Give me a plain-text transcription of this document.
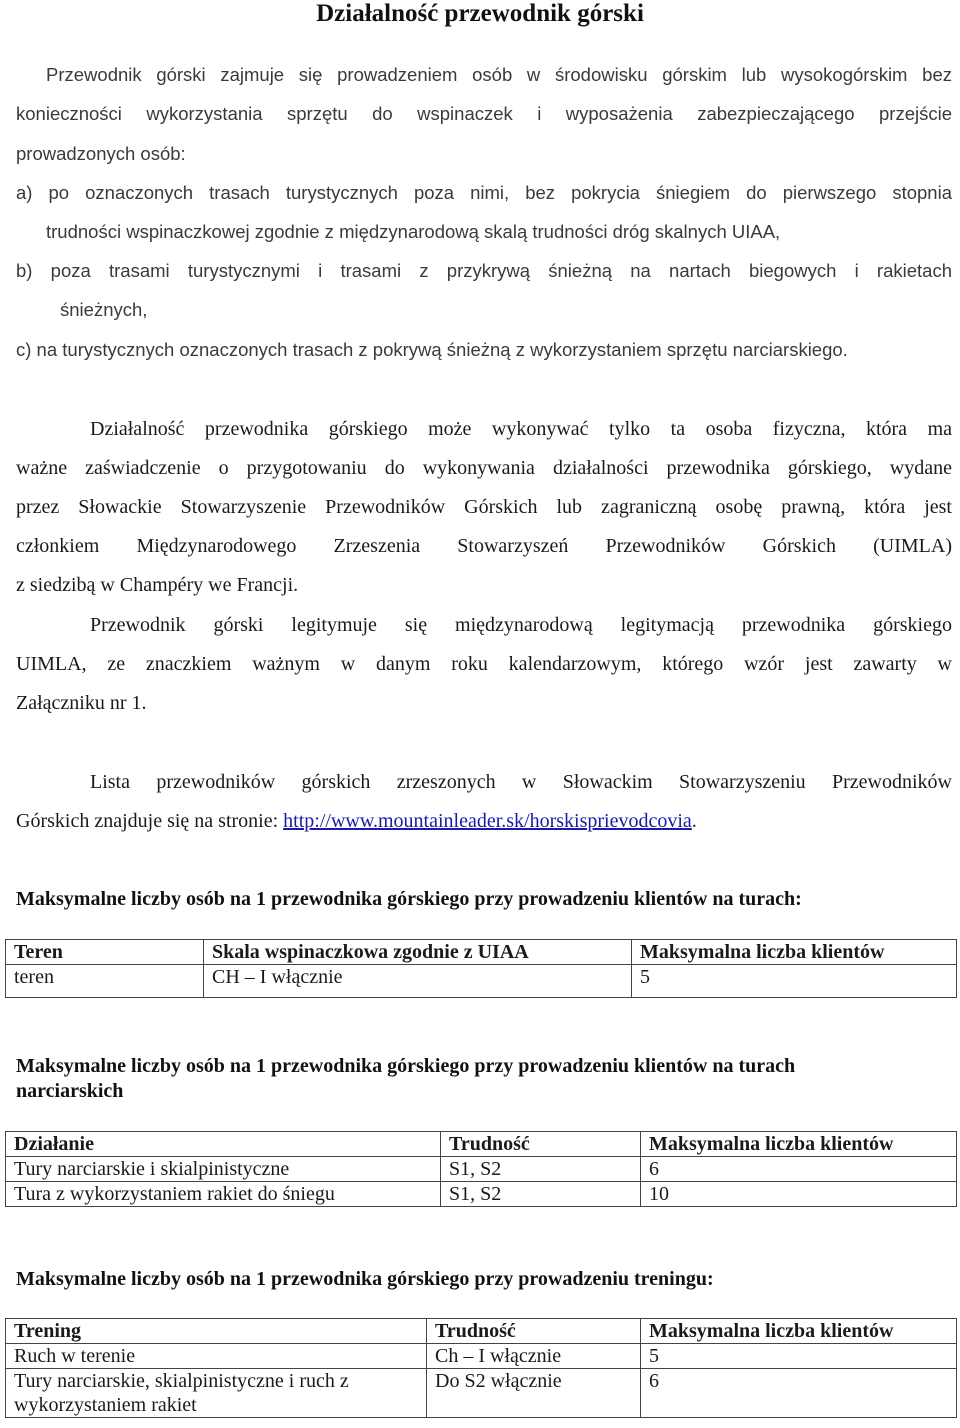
Działalność przewodnik górski
Przewodnik górski zajmuje się prowadzeniem osób w środowisku górskim lub wysokogórskim bez
konieczności wykorzystania sprzętu do wspinaczek i wyposażenia zabezpieczającego przejście
prowadzonych osób:
a) po oznaczonych trasach turystycznych poza nimi, bez pokrycia śniegiem do pierwszego stopnia
trudności wspinaczkowej zgodnie z międzynarodową skalą trudności dróg skalnych UIAA,
b) poza trasami turystycznymi i trasami z przykrywą śnieżną na nartach biegowych i rakietach
śnieżnych,
c) na turystycznych oznaczonych trasach z pokrywą śnieżną z wykorzystaniem sprzętu narciarskiego.
Działalność przewodnika górskiego może wykonywać tylko ta osoba fizyczna, która ma
ważne zaświadczenie o przygotowaniu do wykonywania działalności przewodnika górskiego, wydane
przez Słowackie Stowarzyszenie Przewodników Górskich lub zagraniczną osobę prawną, która jest
członkiem Międzynarodowego Zrzeszenia Stowarzyszeń Przewodników Górskich (UIMLA)
z siedzibą w Champéry we Francji.
Przewodnik górski legitymuje się międzynarodową legitymacją przewodnika górskiego
UIMLA, ze znaczkiem ważnym w danym roku kalendarzowym, którego wzór jest zawarty w
Załączniku nr 1.
Lista przewodników górskich zrzeszonych w Słowackim Stowarzyszeniu Przewodników
Górskich znajduje się na stronie: http://www.mountainleader.sk/horskisprievodcovia.
Maksymalne liczby osób na 1 przewodnika górskiego przy prowadzeniu klientów na turach:
Teren	Skala wspinaczkowa zgodnie z UIAA	Maksymalna liczba klientów
teren	CH – I włącznie	5
Maksymalne liczby osób na 1 przewodnika górskiego przy prowadzeniu klientów na turach
narciarskich
Działanie	Trudność	Maksymalna liczba klientów
Tury narciarskie i skialpinistyczne	S1, S2	6
Tura z wykorzystaniem rakiet do śniegu	S1, S2	10
Maksymalne liczby osób na 1 przewodnika górskiego przy prowadzeniu treningu:
Trening	Trudność	Maksymalna liczba klientów
Ruch w terenie	Ch – I włącznie	5
Tury narciarskie, skialpinistyczne i ruch z wykorzystaniem rakiet	Do S2 włącznie	6
